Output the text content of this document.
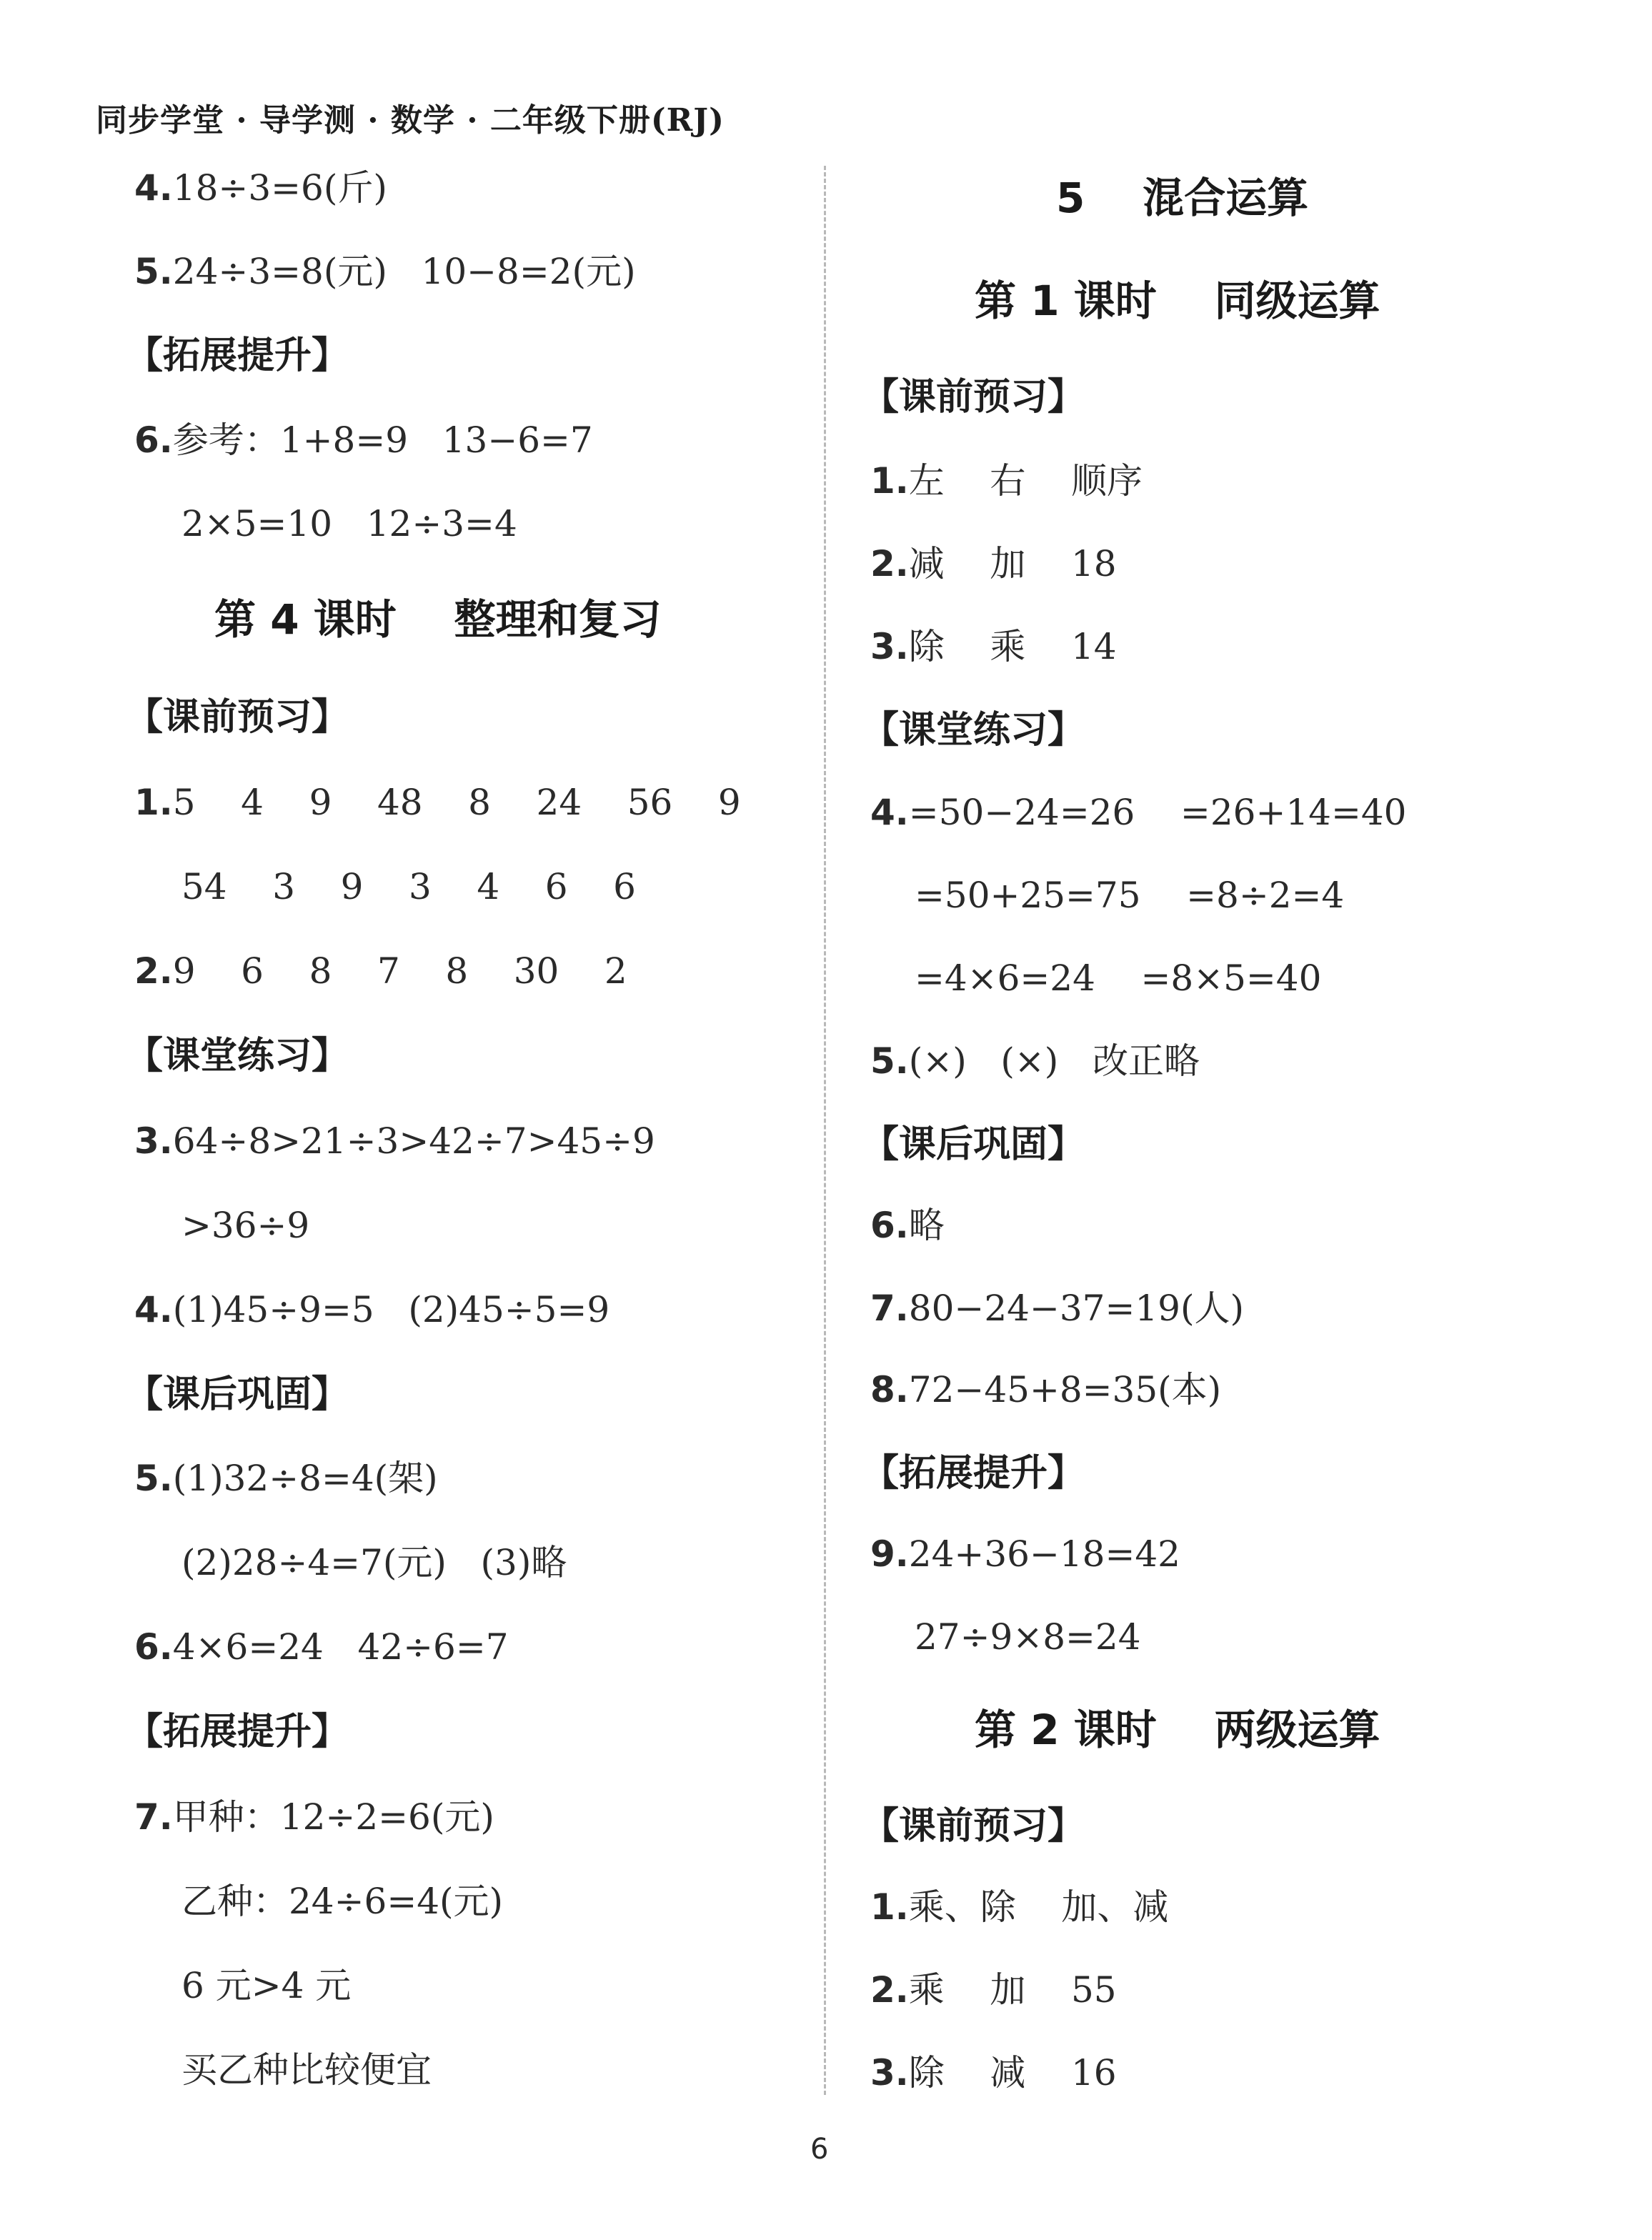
同步学堂 · 导学测 · 数学 · 二年级下册(RJ)
4.18÷3=6(斤)
5.24÷3=8(元)   10−8=2(元)
【拓展提升】
6.参考：1+8=9   13−6=7
2×5=10   12÷3=4
第 4 课时    整理和复习
【课前预习】
1.5    4    9    48    8    24    56    9
54    3    9    3    4    6    6
2.9    6    8    7    8    30    2
【课堂练习】
3.64÷8>21÷3>42÷7>45÷9
>36÷9
4.(1)45÷9=5   (2)45÷5=9
【课后巩固】
5.(1)32÷8=4(架)
(2)28÷4=7(元)   (3)略
6.4×6=24   42÷6=7
【拓展提升】
7.甲种：12÷2=6(元)
乙种：24÷6=4(元)
6 元>4 元
买乙种比较便宜
5    混合运算
第 1 课时    同级运算
【课前预习】
1.左    右    顺序
2.减    加    18
3.除    乘    14
【课堂练习】
4.=50−24=26    =26+14=40
=50+25=75    =8÷2=4
=4×6=24    =8×5=40
5.(×)   (×)   改正略
【课后巩固】
6.略
7.80−24−37=19(人)
8.72−45+8=35(本)
【拓展提升】
9.24+36−18=42
27÷9×8=24
第 2 课时    两级运算
【课前预习】
1.乘、除    加、减
2.乘    加    55
3.除    减    16
6
